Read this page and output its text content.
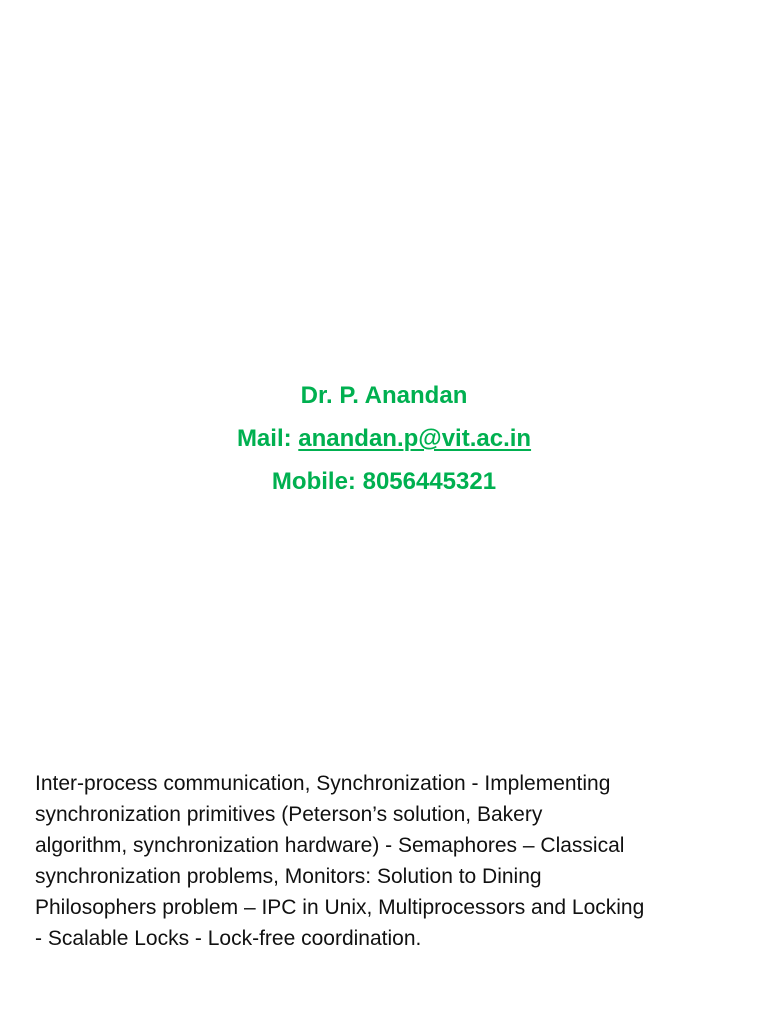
Dr. P. Anandan
Mail: anandan.p@vit.ac.in
Mobile: 8056445321

Inter-process communication, Synchronization - Implementing

synchronization primitives (Peterson’s solution, Bakery

algorithm, synchronization hardware) - Semaphores – Classical

synchronization problems, Monitors: Solution to Dining

Philosophers problem – IPC in Unix, Multiprocessors and Locking

- Scalable Locks - Lock-free coordination.
